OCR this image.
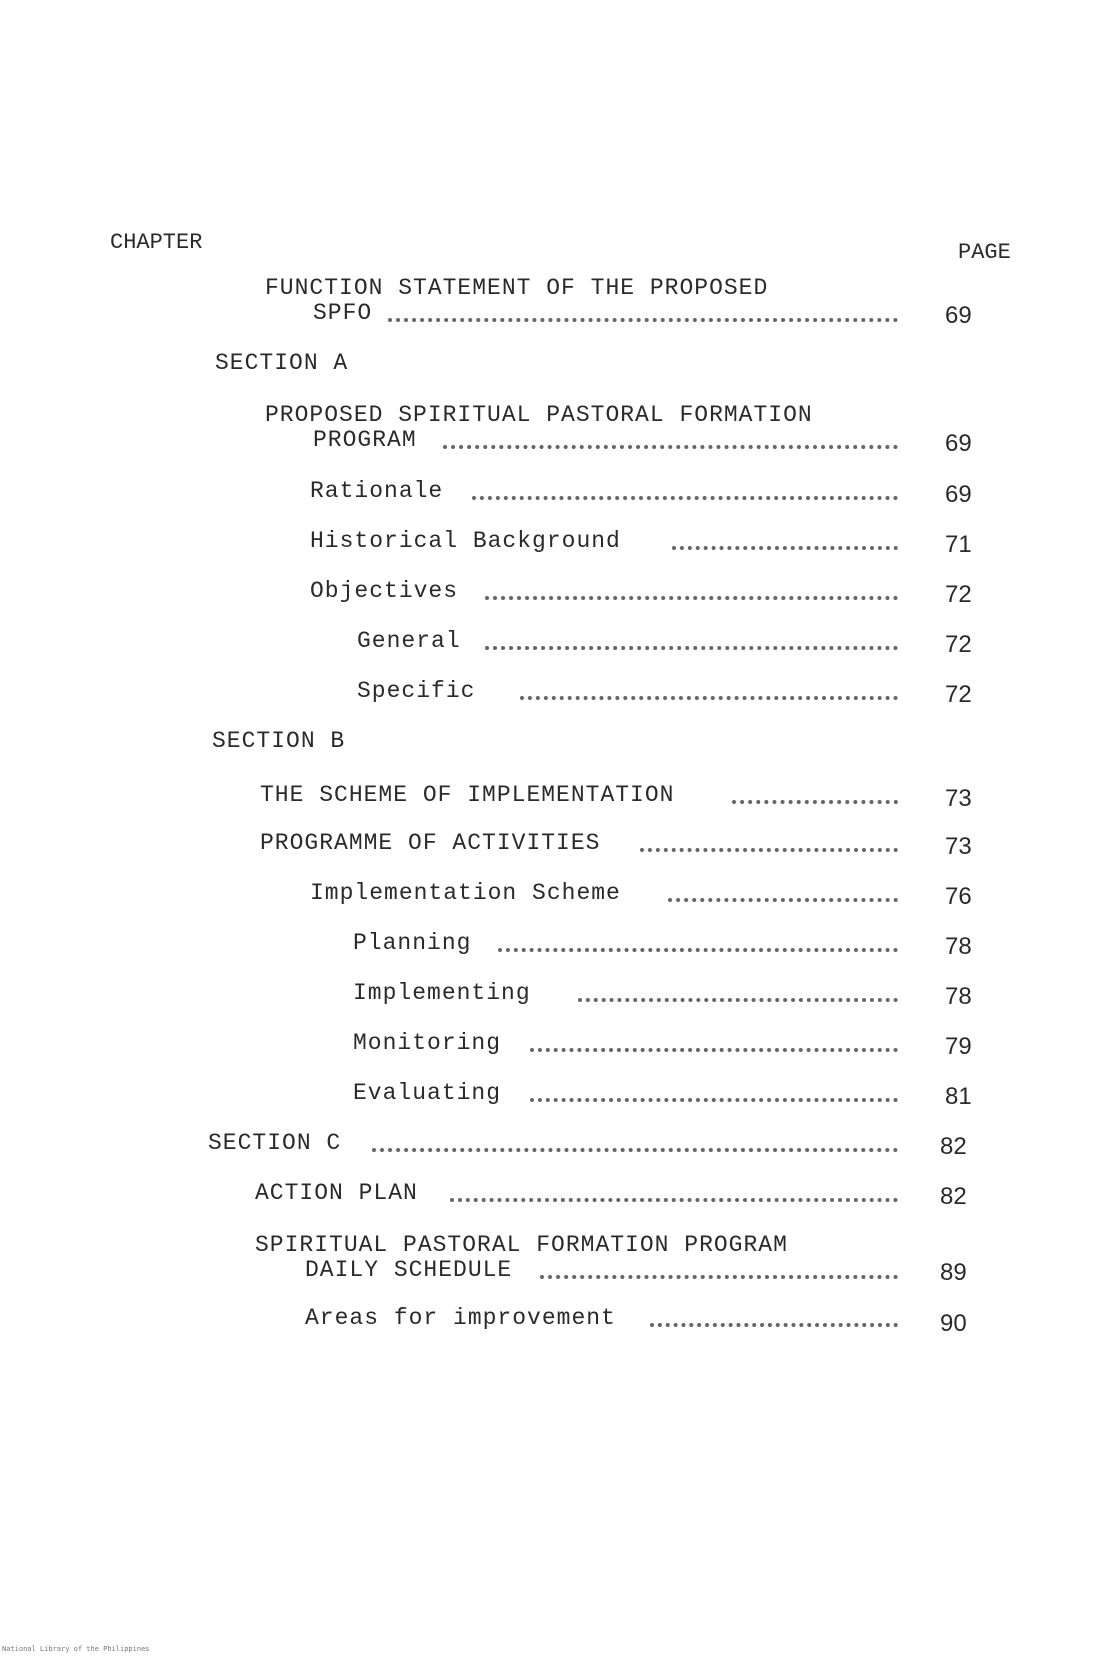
CHAPTER	PAGE
FUNCTION STATEMENT OF THE PROPOSED
SPFO	69
SECTION A
PROPOSED SPIRITUAL PASTORAL FORMATION
PROGRAM	69
Rationale	69
Historical Background	71
Objectives	72
General	72
Specific	72
SECTION B
THE SCHEME OF IMPLEMENTATION	73
PROGRAMME OF ACTIVITIES	73
Implementation Scheme	76
Planning	78
Implementing	78
Monitoring	79
Evaluating	81
SECTION C	82
ACTION PLAN	82
SPIRITUAL PASTORAL FORMATION PROGRAM
DAILY SCHEDULE	89
Areas for improvement	90
National Library of the Philippines
